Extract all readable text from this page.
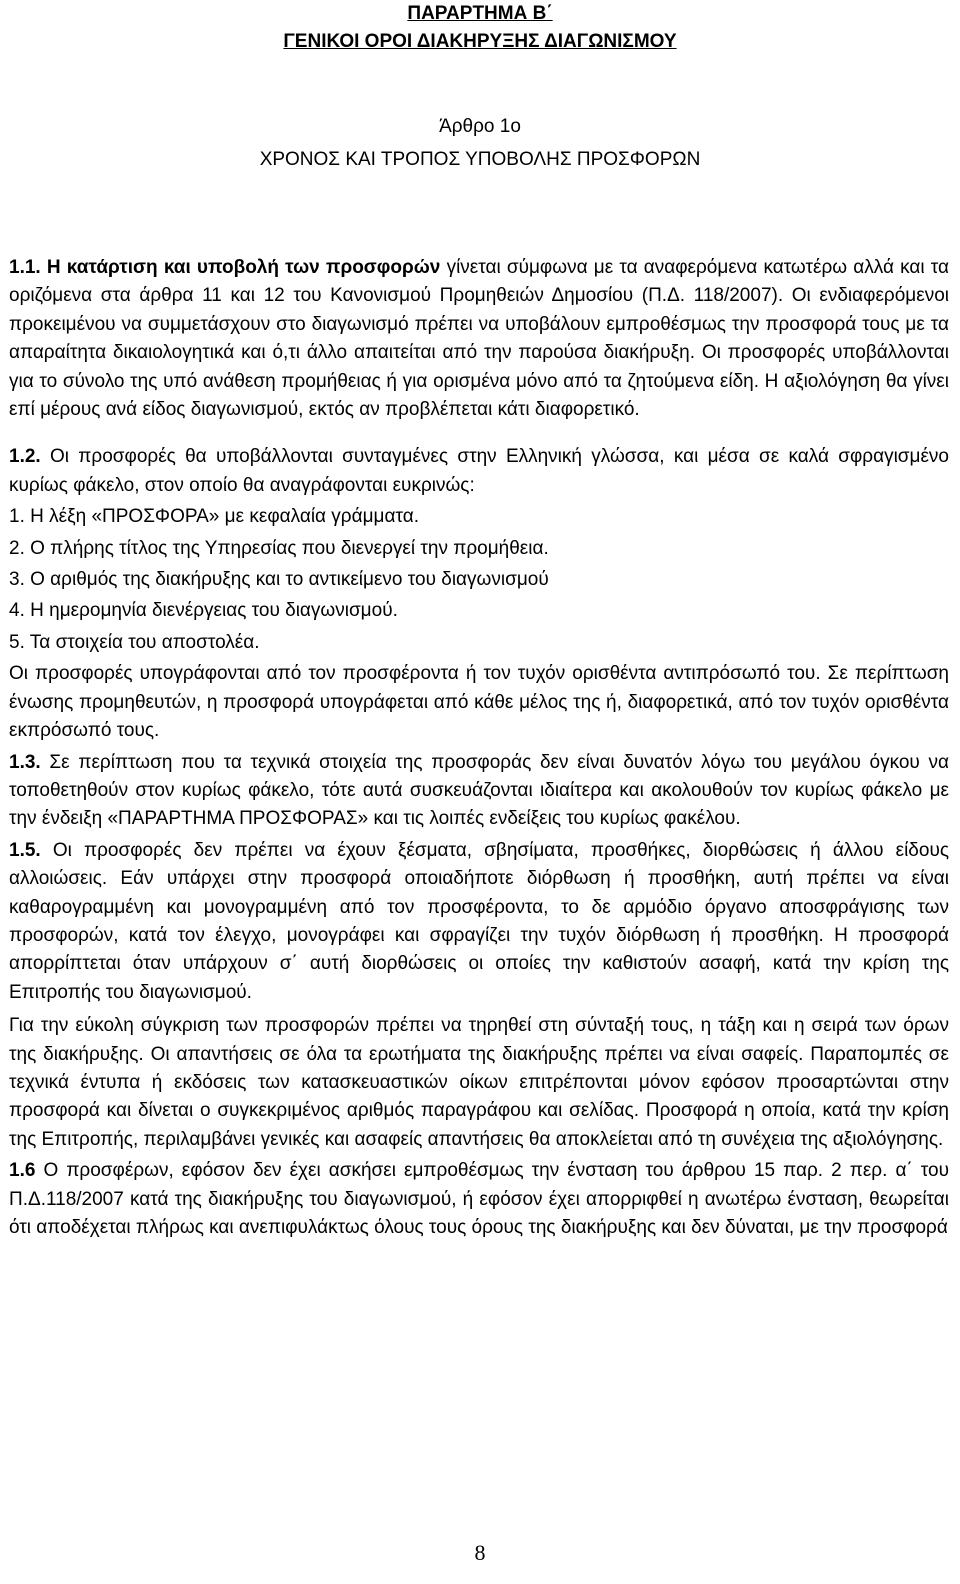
ΠΑΡΑΡΤΗΜΑ Β΄
ΓΕΝΙΚΟΙ ΟΡΟΙ ΔΙΑΚΗΡΥΞΗΣ ΔΙΑΓΩΝΙΣΜΟΥ
Άρθρο 1ο
ΧΡΟΝΟΣ ΚΑΙ ΤΡΟΠΟΣ ΥΠΟΒΟΛΗΣ ΠΡΟΣΦΟΡΩΝ

1.1. Η κατάρτιση και υποβολή των προσφορών γίνεται σύμφωνα με τα αναφερόμενα κατωτέρω αλλά και τα οριζόμενα στα άρθρα 11 και 12 του Κανονισμού Προμηθειών Δημοσίου (Π.Δ. 118/2007). Οι ενδιαφερόμενοι προκειμένου να συμμετάσχουν στο διαγωνισμό πρέπει να υποβάλουν εμπροθέσμως την προσφορά τους με τα απαραίτητα δικαιολογητικά και ό,τι άλλο απαιτείται από την παρούσα διακήρυξη. Οι προσφορές υποβάλλονται για το σύνολο της υπό ανάθεση προμήθειας ή για ορισμένα μόνο από τα ζητούμενα είδη. Η αξιολόγηση θα γίνει επί μέρους ανά είδος διαγωνισμού, εκτός αν προβλέπεται κάτι διαφορετικό.

1.2. Οι προσφορές θα υποβάλλονται συνταγμένες στην Ελληνική γλώσσα, και μέσα σε καλά σφραγισμένο κυρίως φάκελο, στον οποίο θα αναγράφονται ευκρινώς:

1. Η λέξη «ΠΡΟΣΦΟΡΑ» με κεφαλαία γράμματα.

2. Ο πλήρης τίτλος της Υπηρεσίας που διενεργεί την προμήθεια.

3. Ο αριθμός της διακήρυξης και το αντικείμενο του διαγωνισμού

4. Η ημερομηνία διενέργειας του διαγωνισμού.

5. Τα στοιχεία του αποστολέα.

Οι προσφορές υπογράφονται από τον προσφέροντα ή τον τυχόν ορισθέντα αντιπρόσωπό του. Σε περίπτωση ένωσης προμηθευτών, η προσφορά υπογράφεται από κάθε μέλος της ή, διαφορετικά, από τον τυχόν ορισθέντα εκπρόσωπό τους.

1.3. Σε περίπτωση που τα τεχνικά στοιχεία της προσφοράς δεν είναι δυνατόν λόγω του μεγάλου όγκου να τοποθετηθούν στον κυρίως φάκελο, τότε αυτά συσκευάζονται ιδιαίτερα και ακολουθούν τον κυρίως φάκελο με την ένδειξη «ΠΑΡΑΡΤΗΜΑ ΠΡΟΣΦΟΡΑΣ» και τις λοιπές ενδείξεις του κυρίως φακέλου.

1.5. Οι προσφορές δεν πρέπει να έχουν ξέσματα, σβησίματα, προσθήκες, διορθώσεις ή άλλου είδους αλλοιώσεις. Εάν υπάρχει στην προσφορά οποιαδήποτε διόρθωση ή προσθήκη, αυτή πρέπει να είναι καθαρογραμμένη και μονογραμμένη από τον προσφέροντα, το δε αρμόδιο όργανο αποσφράγισης των προσφορών, κατά τον έλεγχο, μονογράφει και σφραγίζει την τυχόν διόρθωση ή προσθήκη. Η προσφορά απορρίπτεται όταν υπάρχουν σ΄ αυτή διορθώσεις οι οποίες την καθιστούν ασαφή, κατά την κρίση της Επιτροπής του διαγωνισμού.

Για την εύκολη σύγκριση των προσφορών πρέπει να τηρηθεί στη σύνταξή τους, η τάξη και η σειρά των όρων της διακήρυξης. Οι απαντήσεις σε όλα τα ερωτήματα της διακήρυξης πρέπει να είναι σαφείς. Παραπομπές σε τεχνικά έντυπα ή εκδόσεις των κατασκευαστικών οίκων επιτρέπονται μόνον εφόσον προσαρτώνται στην προσφορά και δίνεται ο συγκεκριμένος αριθμός παραγράφου και σελίδας. Προσφορά η οποία, κατά την κρίση της Επιτροπής, περιλαμβάνει γενικές και ασαφείς απαντήσεις θα αποκλείεται από τη συνέχεια της αξιολόγησης.

1.6 Ο προσφέρων, εφόσον δεν έχει ασκήσει εμπροθέσμως την ένσταση του άρθρου 15 παρ. 2 περ. α΄ του Π.Δ.118/2007 κατά της διακήρυξης του διαγωνισμού, ή εφόσον έχει απορριφθεί η ανωτέρω ένσταση, θεωρείται ότι αποδέχεται πλήρως και ανεπιφυλάκτως όλους τους όρους της διακήρυξης και δεν δύναται, με την προσφορά

8
